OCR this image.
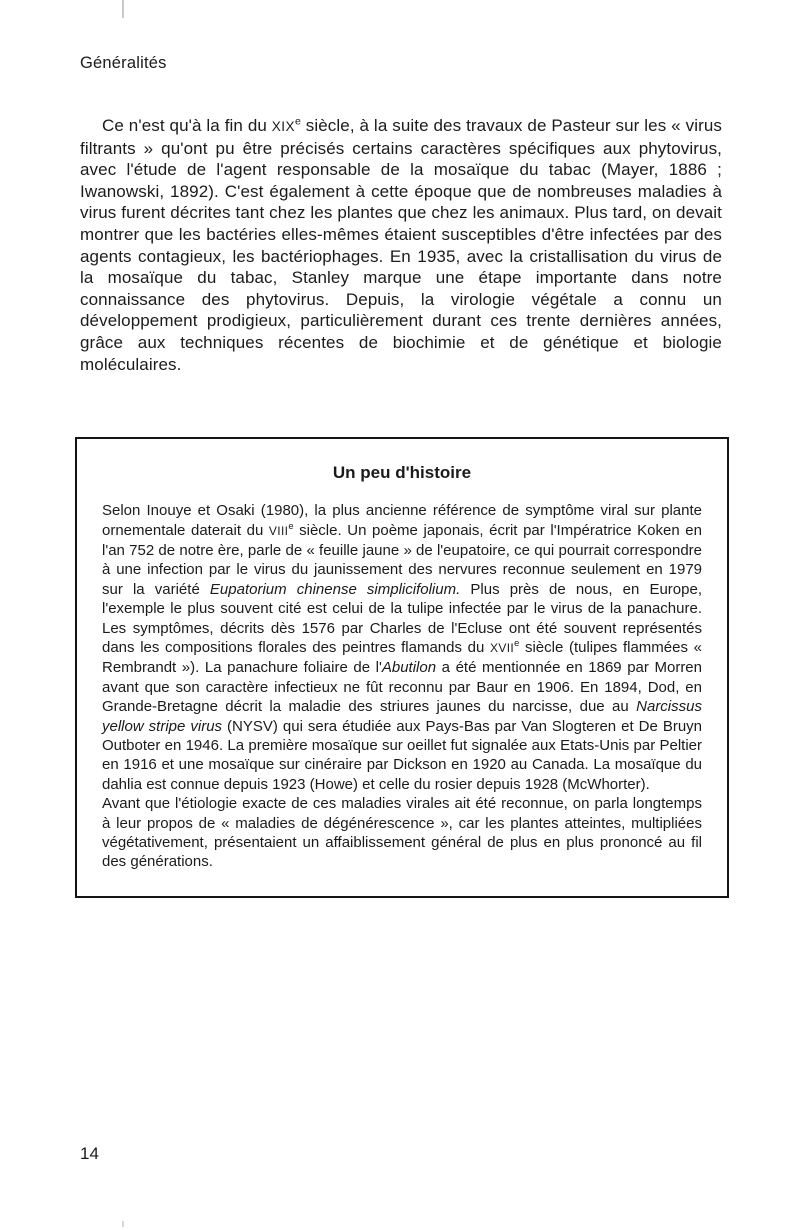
Généralités

Ce n'est qu'à la fin du XIXe siècle, à la suite des travaux de Pasteur sur les « virus filtrants » qu'ont pu être précisés certains caractères spécifiques aux phytovirus, avec l'étude de l'agent responsable de la mosaïque du tabac (Mayer, 1886 ; Iwanowski, 1892). C'est également à cette époque que de nombreuses maladies à virus furent décrites tant chez les plantes que chez les animaux. Plus tard, on devait montrer que les bactéries elles-mêmes étaient susceptibles d'être infectées par des agents contagieux, les bactériophages. En 1935, avec la cristallisation du virus de la mosaïque du tabac, Stanley marque une étape importante dans notre connaissance des phytovirus. Depuis, la virologie végétale a connu un développement prodigieux, particulièrement durant ces trente dernières années, grâce aux techniques récentes de biochimie et de génétique et biologie moléculaires.

Un peu d'histoire

Selon Inouye et Osaki (1980), la plus ancienne référence de symptôme viral sur plante ornementale daterait du VIIIe siècle. Un poème japonais, écrit par l'Impératrice Koken en l'an 752 de notre ère, parle de « feuille jaune » de l'eupatoire, ce qui pourrait correspondre à une infection par le virus du jaunissement des nervures reconnue seulement en 1979 sur la variété Eupatorium chinense simplicifolium. Plus près de nous, en Europe, l'exemple le plus souvent cité est celui de la tulipe infectée par le virus de la panachure. Les symptômes, décrits dès 1576 par Charles de l'Ecluse ont été souvent représentés dans les compositions florales des peintres flamands du XVIIe siècle (tulipes flammées « Rembrandt »). La panachure foliaire de l'Abutilon a été mentionnée en 1869 par Morren avant que son caractère infectieux ne fût reconnu par Baur en 1906. En 1894, Dod, en Grande-Bretagne décrit la maladie des striures jaunes du narcisse, due au Narcissus yellow stripe virus (NYSV) qui sera étudiée aux Pays-Bas par Van Slogteren et De Bruyn Outboter en 1946. La première mosaïque sur oeillet fut signalée aux Etats-Unis par Peltier en 1916 et une mosaïque sur cinéraire par Dickson en 1920 au Canada. La mosaïque du dahlia est connue depuis 1923 (Howe) et celle du rosier depuis 1928 (McWhorter).

Avant que l'étiologie exacte de ces maladies virales ait été reconnue, on parla longtemps à leur propos de « maladies de dégénérescence », car les plantes atteintes, multipliées végétativement, présentaient un affaiblissement général de plus en plus prononcé au fil des générations.

14
